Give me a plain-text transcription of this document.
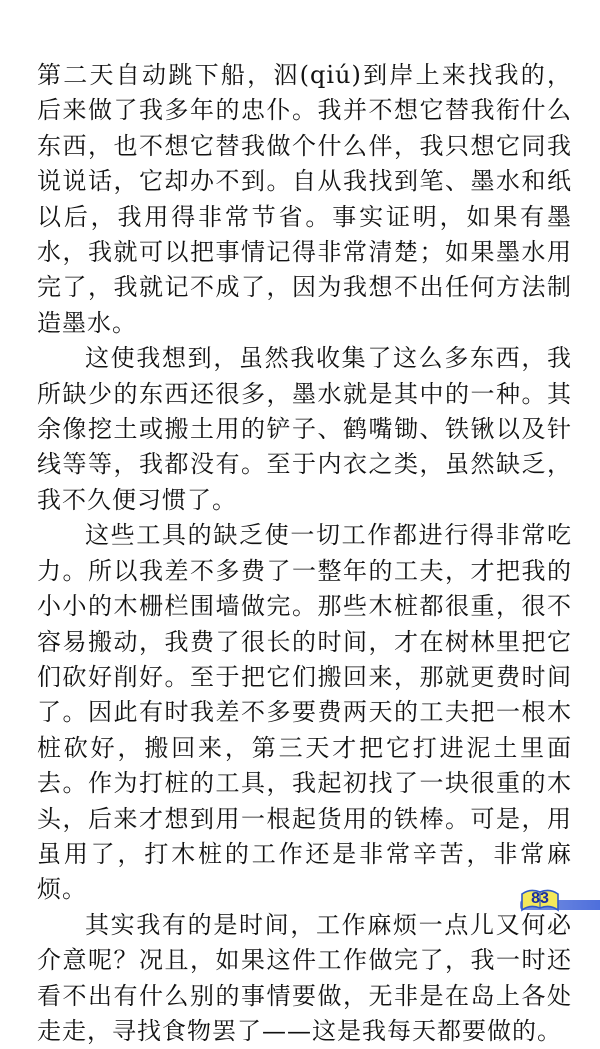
第二天自动跳下船，泅(qiú)到岸上来找我的，后来做了我多年的忠仆。我并不想它替我衔什么东西，也不想它替我做个什么伴，我只想它同我说说话，它却办不到。自从我找到笔、墨水和纸以后，我用得非常节省。事实证明，如果有墨水，我就可以把事情记得非常清楚；如果墨水用完了，我就记不成了，因为我想不出任何方法制造墨水。

这使我想到，虽然我收集了这么多东西，我所缺少的东西还很多，墨水就是其中的一种。其余像挖土或搬土用的铲子、鹤嘴锄、铁锹以及针线等等，我都没有。至于内衣之类，虽然缺乏，我不久便习惯了。

这些工具的缺乏使一切工作都进行得非常吃力。所以我差不多费了一整年的工夫，才把我的小小的木栅栏围墙做完。那些木桩都很重，很不容易搬动，我费了很长的时间，才在树林里把它们砍好削好。至于把它们搬回来，那就更费时间了。因此有时我差不多要费两天的工夫把一根木桩砍好，搬回来，第三天才把它打进泥土里面去。作为打桩的工具，我起初找了一块很重的木头，后来才想到用一根起货用的铁棒。可是，用虽用了，打木桩的工作还是非常辛苦，非常麻烦。

其实我有的是时间，工作麻烦一点儿又何必介意呢？况且，如果这件工作做完了，我一时还看不出有什么别的事情要做，无非是在岛上各处走走，寻找食物罢了——这是我每天都要做的。

83
